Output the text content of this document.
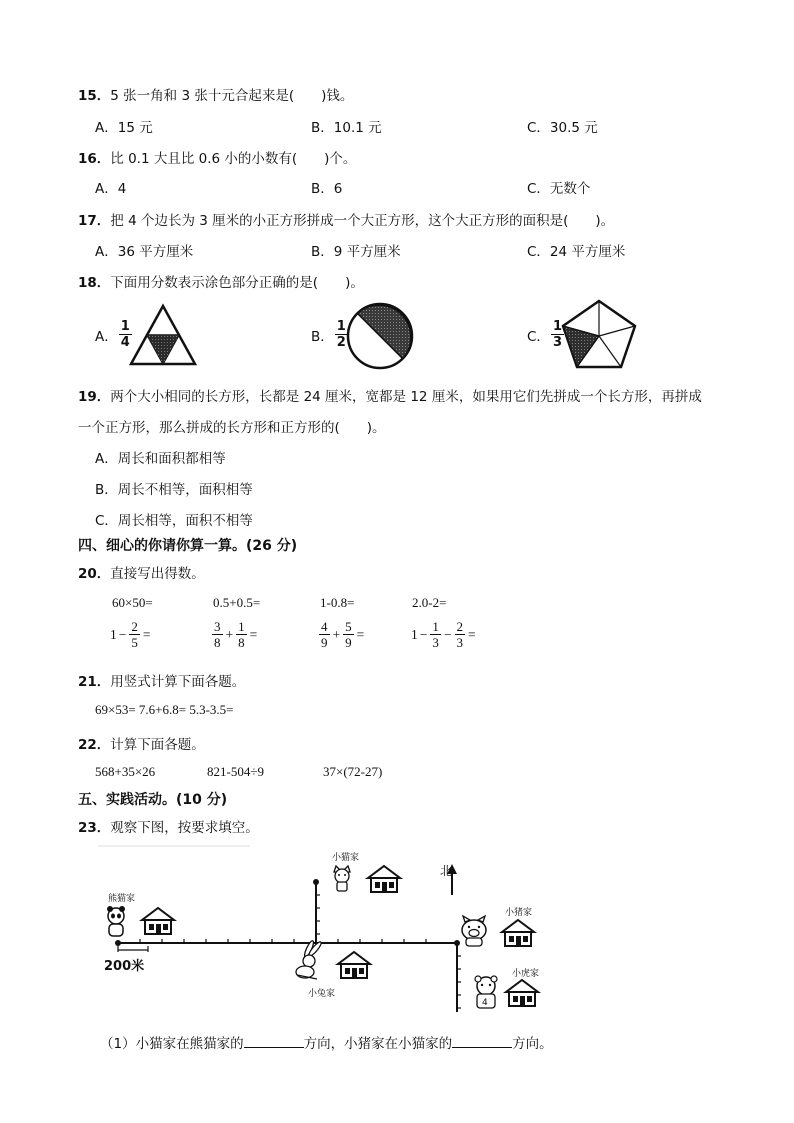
15．5 张一角和 3 张十元合起来是(　　)钱。
A．15 元	B．10.1 元	C．30.5 元
16．比 0.1 大且比 0.6 小的小数有(　　)个。
A．4	B．6	C．无数个
17．把 4 个边长为 3 厘米的小正方形拼成一个大正方形，这个大正方形的面积是(　　)。
A．36 平方厘米	B．9 平方厘米	C．24 平方厘米
18．下面用分数表示涂色部分正确的是(　　)。
A． $\frac{1}{4}$	B． $\frac{1}{2}$	C． $\frac{1}{3}$
19．两个大小相同的长方形，长都是 24 厘米，宽都是 12 厘米，如果用它们先拼成一个长方形，再拼成
一个正方形，那么拼成的长方形和正方形的(　　)。
A．周长和面积都相等
B．周长不相等，面积相等
C．周长相等，面积不相等
四、细心的你请你算一算。(26 分)
20．直接写出得数。
60×50=	0.5+0.5=	1-0.8=	2.0-2=
$1 - \frac{2}{5}$ =	$\frac{3}{8} + \frac{1}{8}$ =	$\frac{4}{9} + \frac{5}{9}$ =	$1 - \frac{1}{3} - \frac{2}{3}$ =
21．用竖式计算下面各题。
69×53= 7.6+6.8= 5.3-3.5=
22．计算下面各题。
568+35×26	821-504÷9	37×(72-27)
五、实践活动。(10 分)
23．观察下图，按要求填空。
4
熊猫家
小猫家
北
小猪家
小兔家
小虎家
200米
（1）小猫家在熊猫家的	方向，小猪家在小猫家的	方向。
